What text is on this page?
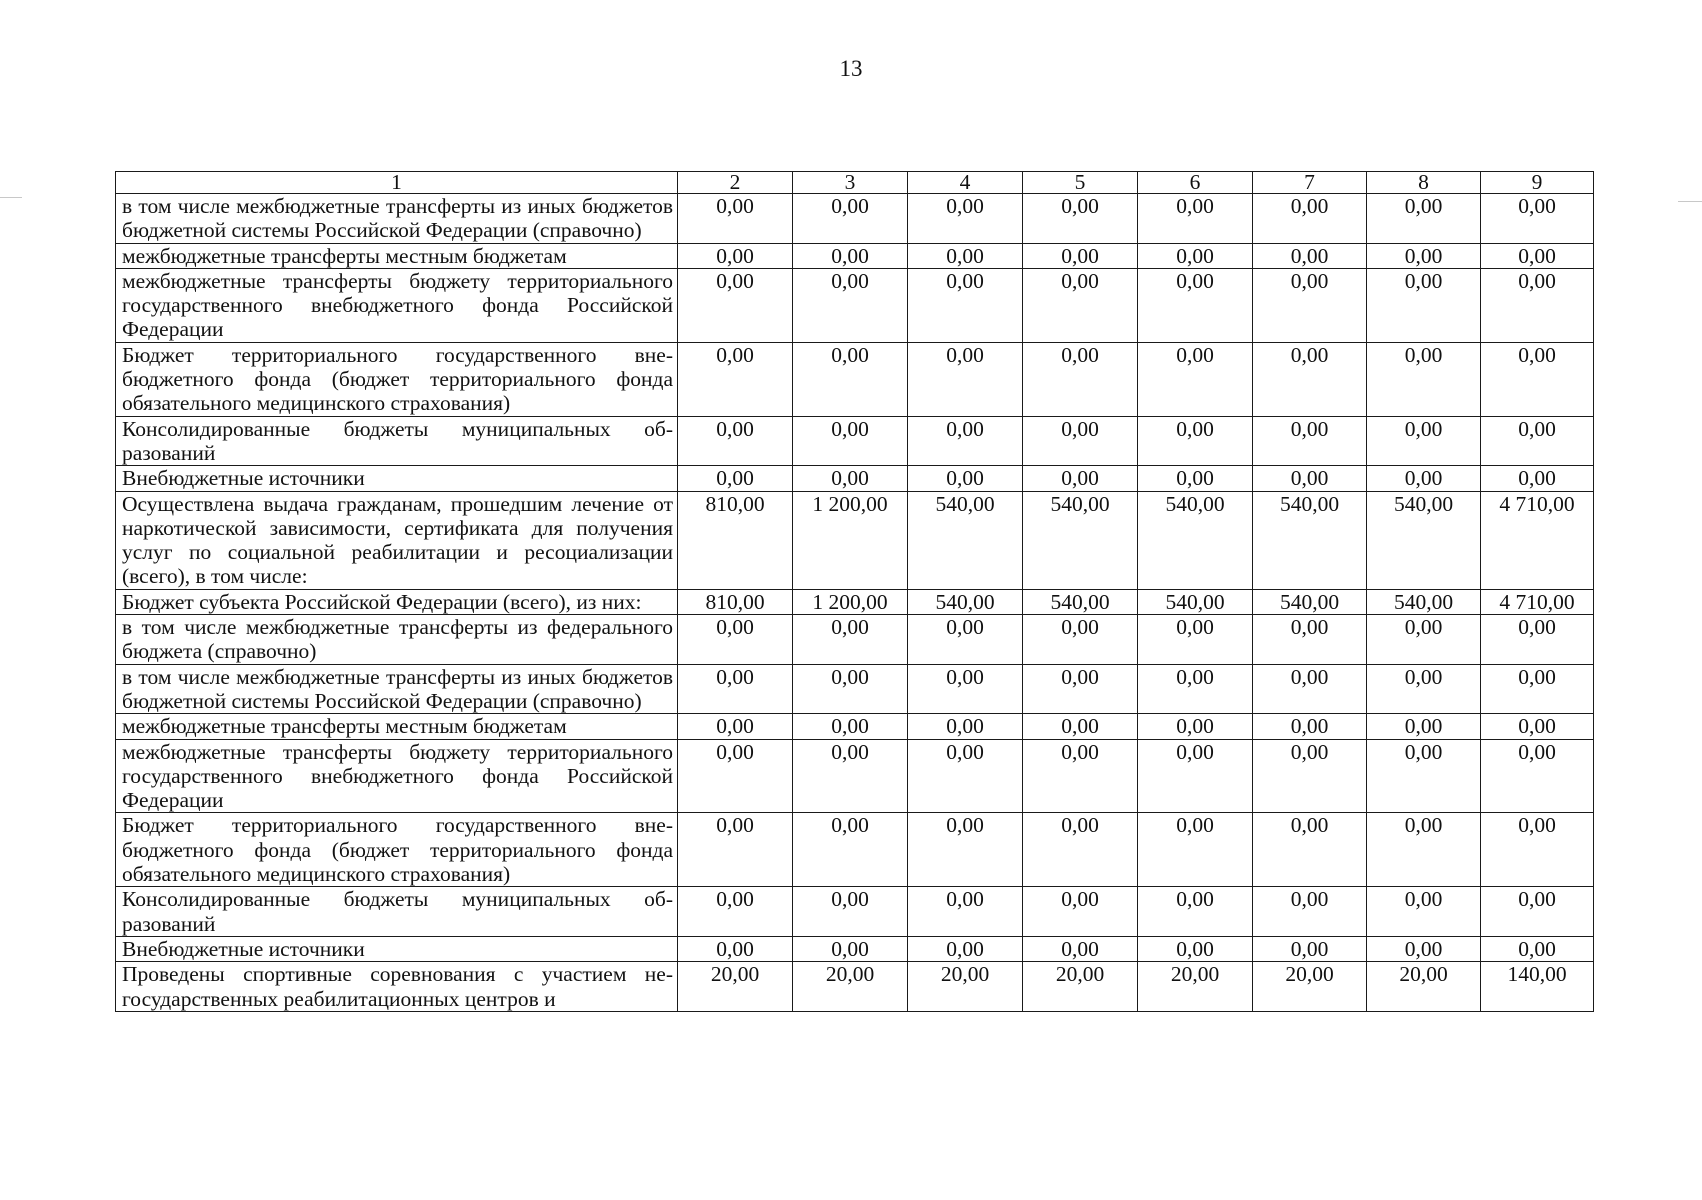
13
1	2	3	4	5	6	7	8	9
в том числе межбюджетные трансферты из иных бюджетов бюджетной системы Российской Федерации (справочно)	0,00	0,00	0,00	0,00	0,00	0,00	0,00	0,00
межбюджетные трансферты местным бюджетам	0,00	0,00	0,00	0,00	0,00	0,00	0,00	0,00
межбюджетные трансферты бюджету территориального государственного внебюджетного фонда Российской Федерации	0,00	0,00	0,00	0,00	0,00	0,00	0,00	0,00
Бюджет территориального государственного внебюджетного фонда (бюджет территориального фонда обязательного медицинского страхования)	0,00	0,00	0,00	0,00	0,00	0,00	0,00	0,00
Консолидированные бюджеты муниципальных образований	0,00	0,00	0,00	0,00	0,00	0,00	0,00	0,00
Внебюджетные источники	0,00	0,00	0,00	0,00	0,00	0,00	0,00	0,00
Осуществлена выдача гражданам, прошедшим лечение от наркотической зависимости, сертификата для получения услуг по социальной реабилитации и ресоциализации (всего), в том числе:	810,00	1 200,00	540,00	540,00	540,00	540,00	540,00	4 710,00
Бюджет субъекта Российской Федерации (всего), из них:	810,00	1 200,00	540,00	540,00	540,00	540,00	540,00	4 710,00
в том числе межбюджетные трансферты из федерального бюджета (справочно)	0,00	0,00	0,00	0,00	0,00	0,00	0,00	0,00
в том числе межбюджетные трансферты из иных бюджетов бюджетной системы Российской Федерации (справочно)	0,00	0,00	0,00	0,00	0,00	0,00	0,00	0,00
межбюджетные трансферты местным бюджетам	0,00	0,00	0,00	0,00	0,00	0,00	0,00	0,00
межбюджетные трансферты бюджету территориального государственного внебюджетного фонда Российской Федерации	0,00	0,00	0,00	0,00	0,00	0,00	0,00	0,00
Бюджет территориального государственного внебюджетного фонда (бюджет территориального фонда обязательного медицинского страхования)	0,00	0,00	0,00	0,00	0,00	0,00	0,00	0,00
Консолидированные бюджеты муниципальных образований	0,00	0,00	0,00	0,00	0,00	0,00	0,00	0,00
Внебюджетные источники	0,00	0,00	0,00	0,00	0,00	0,00	0,00	0,00
Проведены спортивные соревнования с участием негосударственных реабилитационных центров и	20,00	20,00	20,00	20,00	20,00	20,00	20,00	140,00
